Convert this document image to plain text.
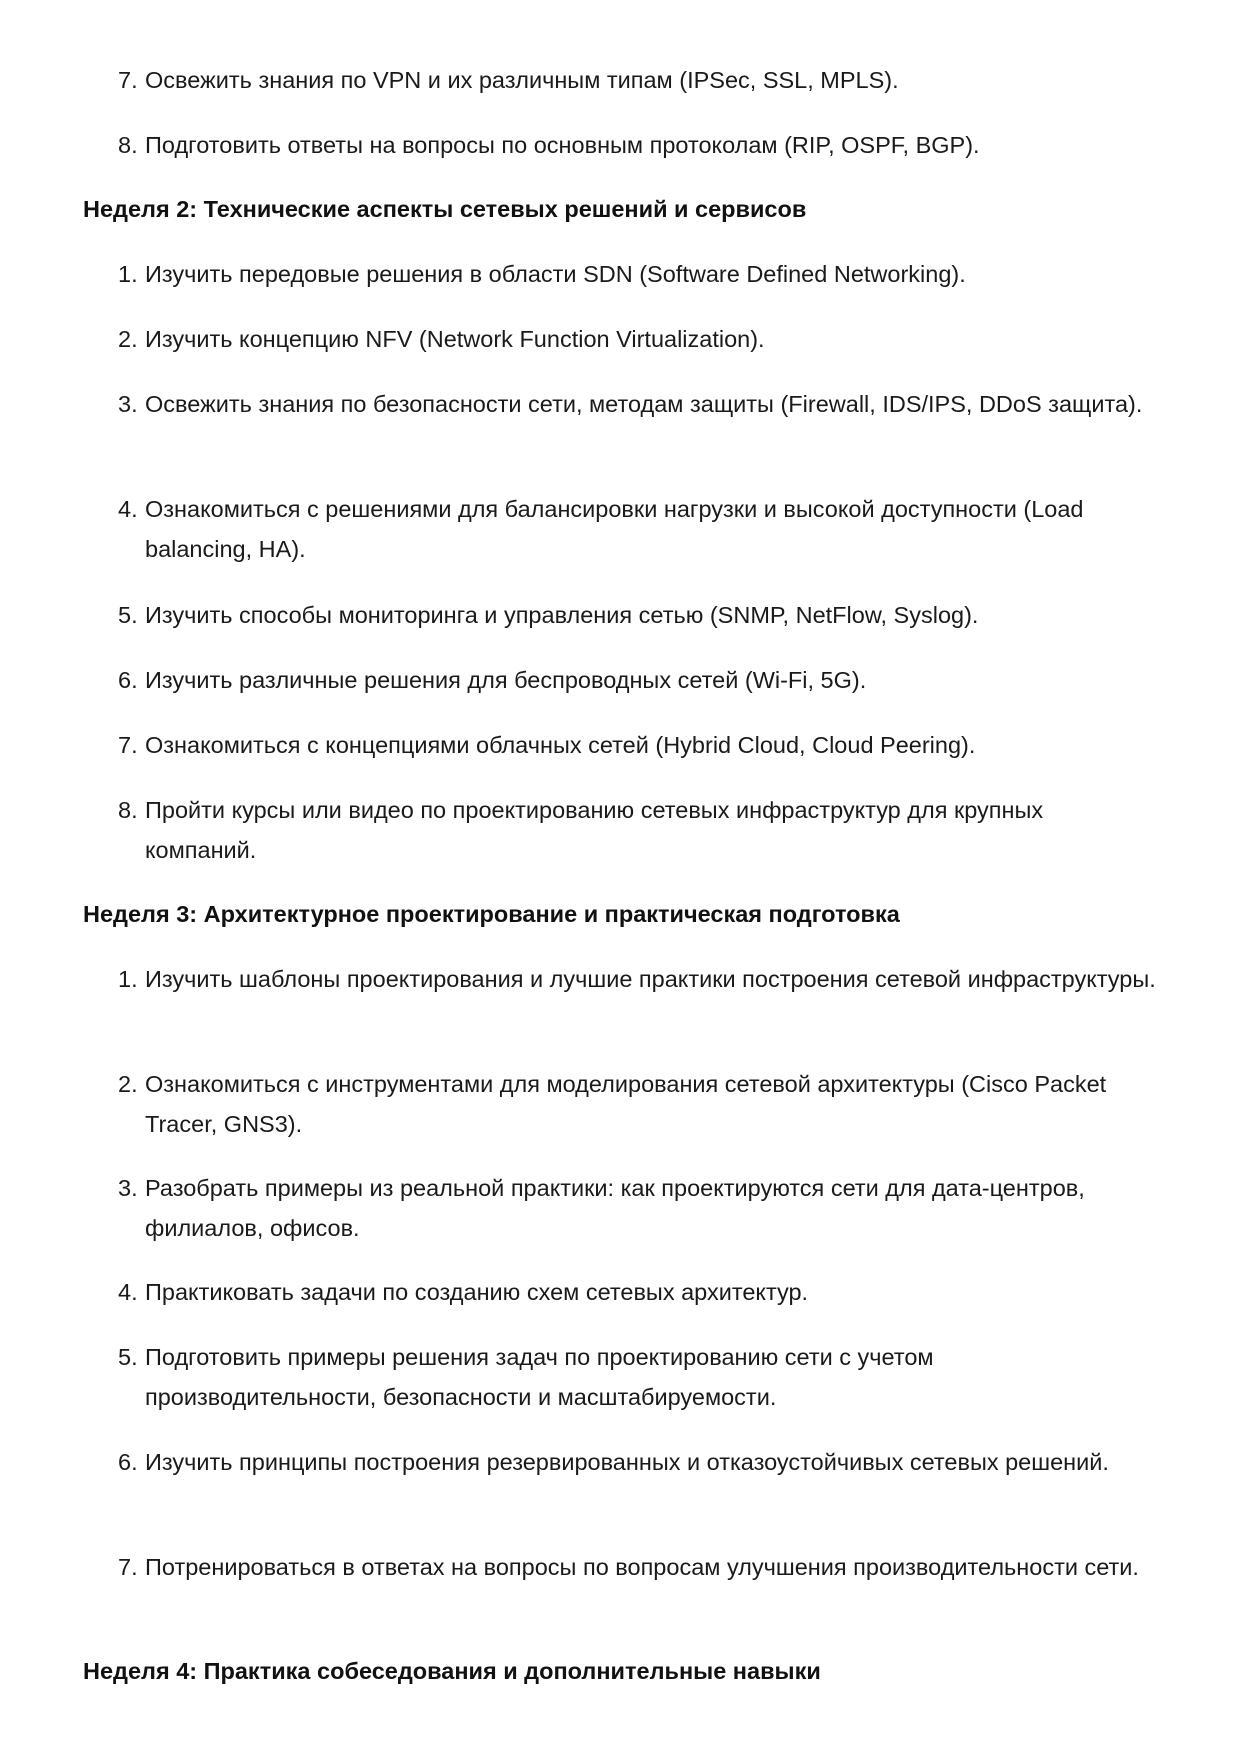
7. Освежить знания по VPN и их различным типам (IPSec, SSL, MPLS).
8. Подготовить ответы на вопросы по основным протоколам (RIP, OSPF, BGP).
Неделя 2: Технические аспекты сетевых решений и сервисов
1. Изучить передовые решения в области SDN (Software Defined Networking).
2. Изучить концепцию NFV (Network Function Virtualization).
3. Освежить знания по безопасности сети, методам защиты (Firewall, IDS/IPS, DDoS защита).
4. Ознакомиться с решениями для балансировки нагрузки и высокой доступности (Load balancing, HA).
5. Изучить способы мониторинга и управления сетью (SNMP, NetFlow, Syslog).
6. Изучить различные решения для беспроводных сетей (Wi-Fi, 5G).
7. Ознакомиться с концепциями облачных сетей (Hybrid Cloud, Cloud Peering).
8. Пройти курсы или видео по проектированию сетевых инфраструктур для крупных компаний.
Неделя 3: Архитектурное проектирование и практическая подготовка
1. Изучить шаблоны проектирования и лучшие практики построения сетевой инфраструктуры.
2. Ознакомиться с инструментами для моделирования сетевой архитектуры (Cisco Packet Tracer, GNS3).
3. Разобрать примеры из реальной практики: как проектируются сети для дата-центров, филиалов, офисов.
4. Практиковать задачи по созданию схем сетевых архитектур.
5. Подготовить примеры решения задач по проектированию сети с учетом производительности, безопасности и масштабируемости.
6. Изучить принципы построения резервированных и отказоустойчивых сетевых решений.
7. Потренироваться в ответах на вопросы по вопросам улучшения производительности сети.
Неделя 4: Практика собеседования и дополнительные навыки
